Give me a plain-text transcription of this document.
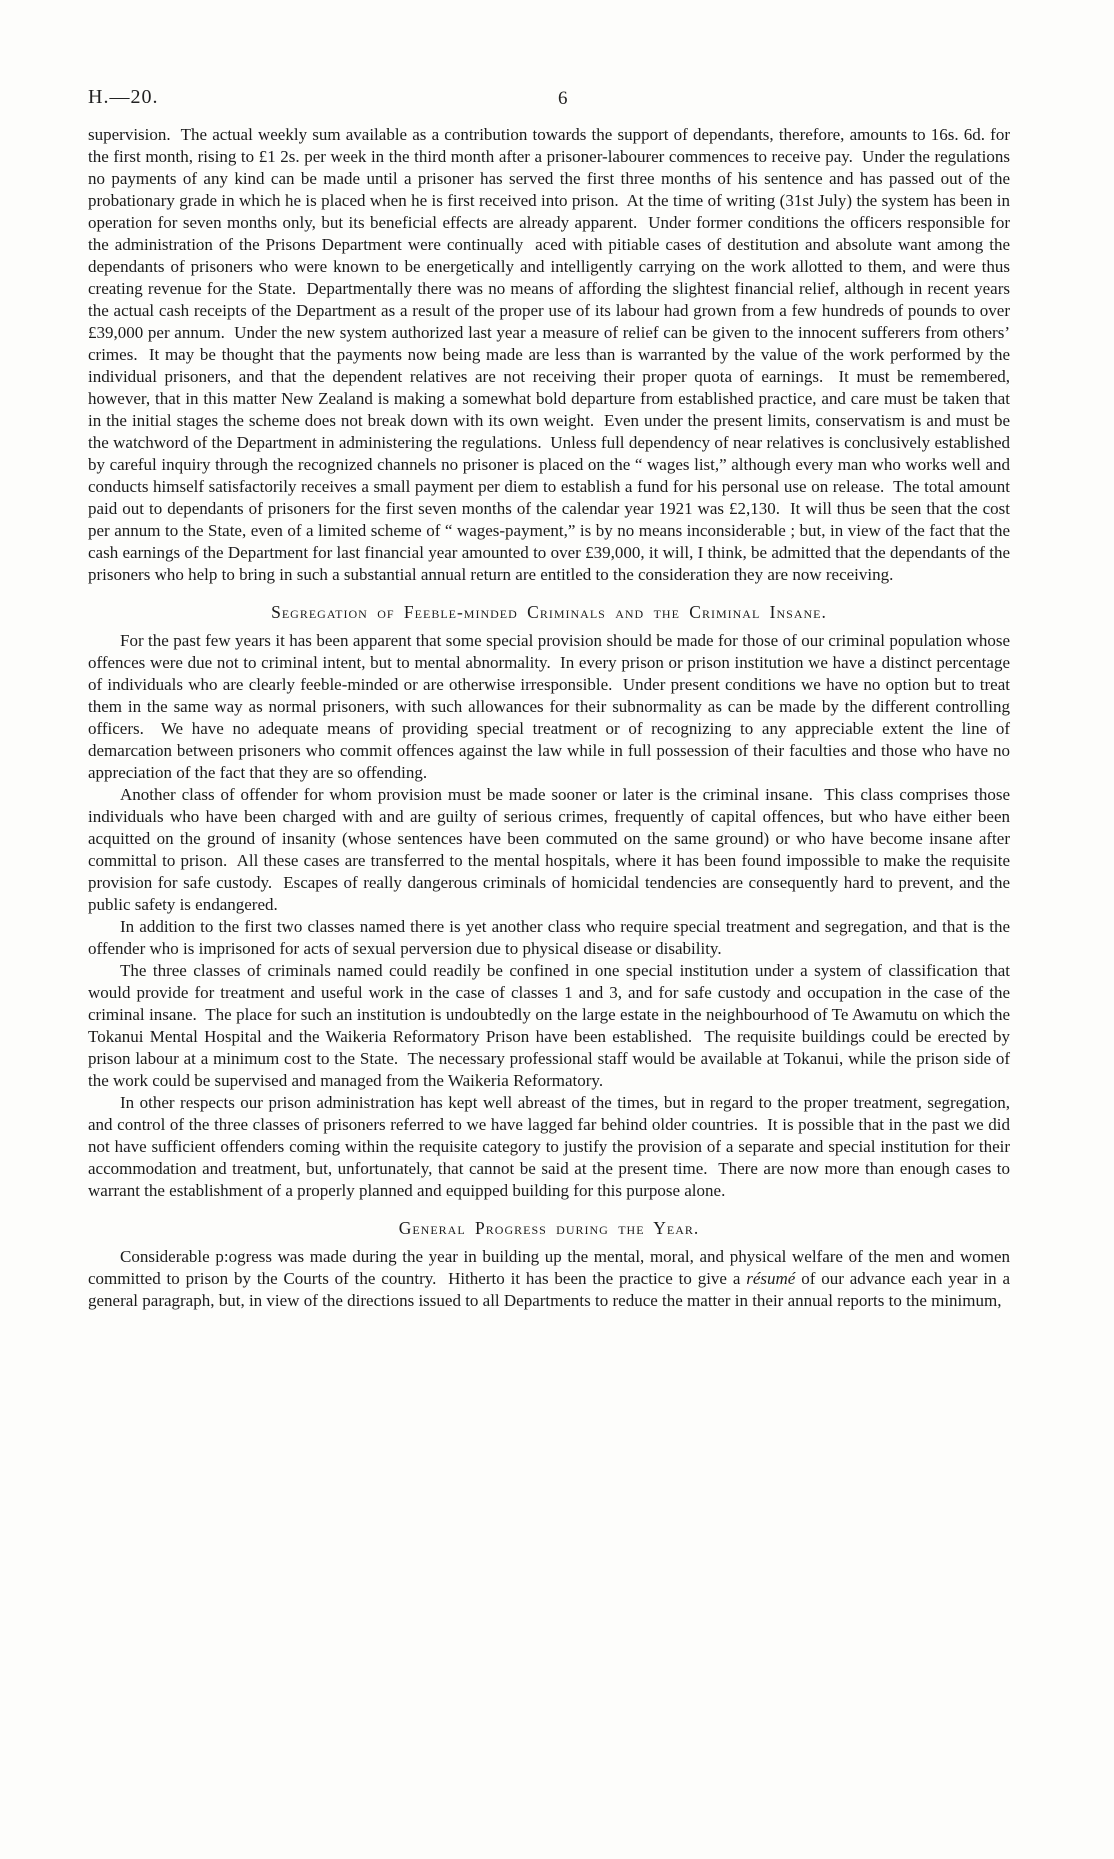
H.—20.	6

supervision.  The actual weekly sum available as a contribution towards the support of dependants, therefore, amounts to 16s. 6d. for the first month, rising to £1 2s. per week in the third month after a prisoner-labourer commences to receive pay.  Under the regulations no payments of any kind can be made until a prisoner has served the first three months of his sentence and has passed out of the probationary grade in which he is placed when he is first received into prison.  At the time of writing (31st July) the system has been in operation for seven months only, but its beneficial effects are already apparent.  Under former conditions the officers responsible for the administration of the Prisons Department were continually  aced with pitiable cases of destitution and absolute want among the dependants of prisoners who were known to be energetically and intelligently carrying on the work allotted to them, and were thus creating revenue for the State.  Departmentally there was no means of affording the slightest financial relief, although in recent years the actual cash receipts of the Department as a result of the proper use of its labour had grown from a few hundreds of pounds to over £39,000 per annum.  Under the new system authorized last year a measure of relief can be given to the innocent sufferers from others’ crimes.  It may be thought that the payments now being made are less than is warranted by the value of the work performed by the individual prisoners, and that the dependent relatives are not receiving their proper quota of earnings.  It must be remembered, however, that in this matter New Zealand is making a somewhat bold departure from established practice, and care must be taken that in the initial stages the scheme does not break down with its own weight.  Even under the present limits, conservatism is and must be the watchword of the Department in administering the regulations.  Unless full dependency of near relatives is conclusively established by careful inquiry through the recognized channels no prisoner is placed on the “ wages list,” although every man who works well and conducts himself satisfactorily receives a small payment per diem to establish a fund for his personal use on release.  The total amount paid out to dependants of prisoners for the first seven months of the calendar year 1921 was £2,130.  It will thus be seen that the cost per annum to the State, even of a limited scheme of “ wages-payment,” is by no means inconsiderable ; but, in view of the fact that the cash earnings of the Department for last financial year amounted to over £39,000, it will, I think, be admitted that the dependants of the prisoners who help to bring in such a substantial annual return are entitled to the consideration they are now receiving.

Segregation of Feeble-minded Criminals and the Criminal Insane.

For the past few years it has been apparent that some special provision should be made for those of our criminal population whose offences were due not to criminal intent, but to mental abnormality.  In every prison or prison institution we have a distinct percentage of individuals who are clearly feeble-minded or are otherwise irresponsible.  Under present conditions we have no option but to treat them in the same way as normal prisoners, with such allowances for their subnormality as can be made by the different controlling officers.  We have no adequate means of providing special treatment or of recognizing to any appreciable extent the line of demarcation between prisoners who commit offences against the law while in full possession of their faculties and those who have no appreciation of the fact that they are so offending.

Another class of offender for whom provision must be made sooner or later is the criminal insane.  This class comprises those individuals who have been charged with and are guilty of serious crimes, frequently of capital offences, but who have either been acquitted on the ground of insanity (whose sentences have been commuted on the same ground) or who have become insane after committal to prison.  All these cases are transferred to the mental hospitals, where it has been found impossible to make the requisite provision for safe custody.  Escapes of really dangerous criminals of homicidal tendencies are consequently hard to prevent, and the public safety is endangered.

In addition to the first two classes named there is yet another class who require special treatment and segregation, and that is the offender who is imprisoned for acts of sexual perversion due to physical disease or disability.

The three classes of criminals named could readily be confined in one special institution under a system of classification that would provide for treatment and useful work in the case of classes 1 and 3, and for safe custody and occupation in the case of the criminal insane.  The place for such an institution is undoubtedly on the large estate in the neighbourhood of Te Awamutu on which the Tokanui Mental Hospital and the Waikeria Reformatory Prison have been established.  The requisite buildings could be erected by prison labour at a minimum cost to the State.  The necessary professional staff would be available at Tokanui, while the prison side of the work could be supervised and managed from the Waikeria Reformatory.

In other respects our prison administration has kept well abreast of the times, but in regard to the proper treatment, segregation, and control of the three classes of prisoners referred to we have lagged far behind older countries.  It is possible that in the past we did not have sufficient offenders coming within the requisite category to justify the provision of a separate and special institution for their accommodation and treatment, but, unfortunately, that cannot be said at the present time.  There are now more than enough cases to warrant the establishment of a properly planned and equipped building for this purpose alone.

General Progress during the Year.

Considerable p:ogress was made during the year in building up the mental, moral, and physical welfare of the men and women committed to prison by the Courts of the country.  Hitherto it has been the practice to give a résumé of our advance each year in a general paragraph, but, in view of the directions issued to all Departments to reduce the matter in their annual reports to the minimum,
